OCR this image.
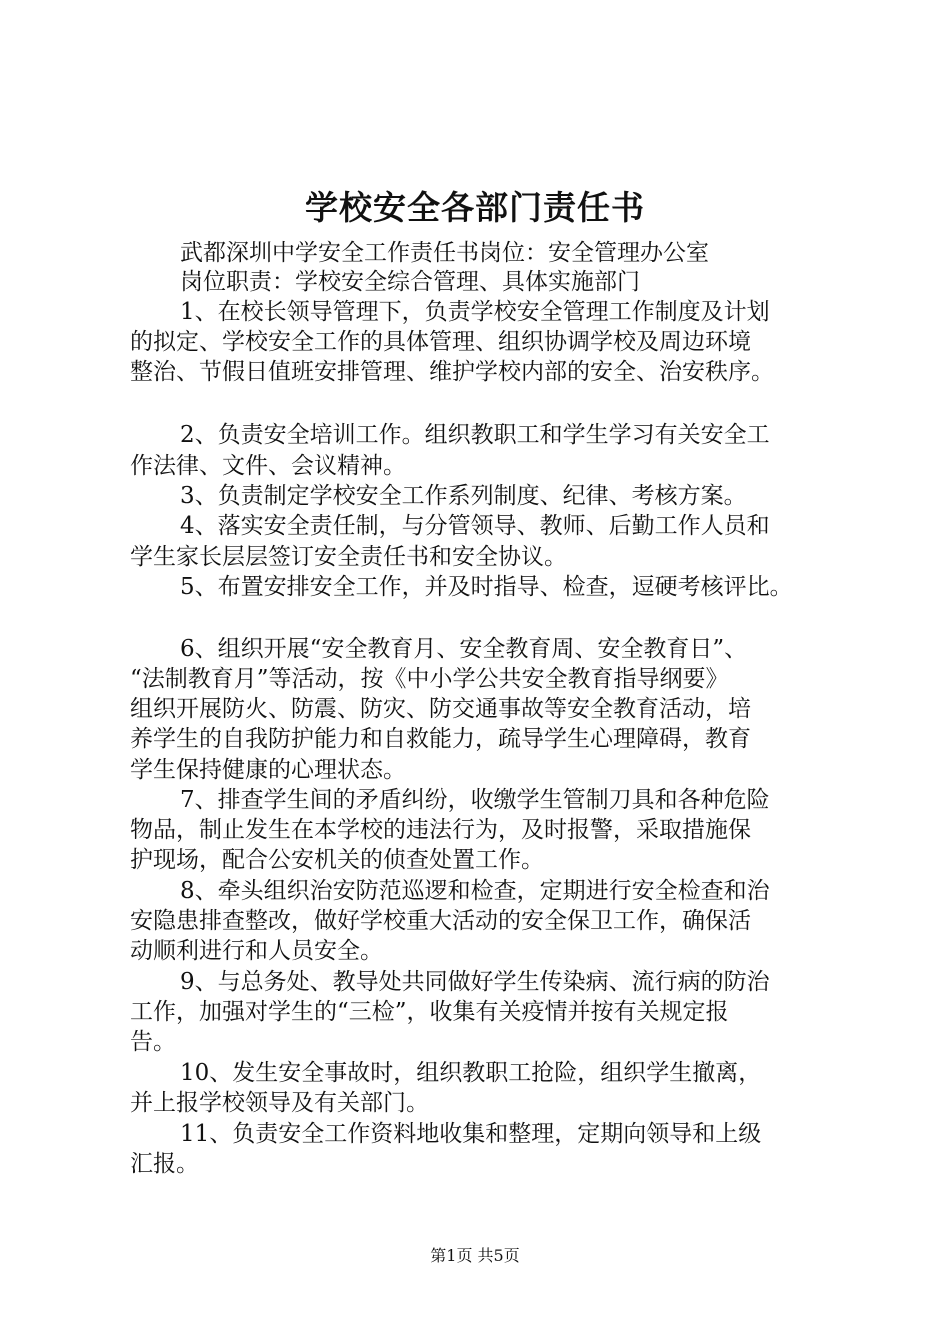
学校安全各部门责任书
武都深圳中学安全工作责任书岗位：安全管理办公室
岗位职责：学校安全综合管理、具体实施部门
1、在校长领导管理下，负责学校安全管理工作制度及计划
的拟定、学校安全工作的具体管理、组织协调学校及周边环境
整治、节假日值班安排管理、维护学校内部的安全、治安秩序。
2、负责安全培训工作。组织教职工和学生学习有关安全工
作法律、文件、会议精神。
3、负责制定学校安全工作系列制度、纪律、考核方案。
4、落实安全责任制，与分管领导、教师、后勤工作人员和
学生家长层层签订安全责任书和安全协议。
5、布置安排安全工作，并及时指导、检查，逗硬考核评比。
6、组织开展“安全教育月、安全教育周、安全教育日”、
“法制教育月”等活动，按《中小学公共安全教育指导纲要》
组织开展防火、防震、防灾、防交通事故等安全教育活动，培
养学生的自我防护能力和自救能力，疏导学生心理障碍，教育
学生保持健康的心理状态。
7、排查学生间的矛盾纠纷，收缴学生管制刀具和各种危险
物品，制止发生在本学校的违法行为，及时报警，采取措施保
护现场，配合公安机关的侦查处置工作。
8、牵头组织治安防范巡逻和检查，定期进行安全检查和治
安隐患排查整改，做好学校重大活动的安全保卫工作，确保活
动顺利进行和人员安全。
9、与总务处、教导处共同做好学生传染病、流行病的防治
工作，加强对学生的“三检”，收集有关疫情并按有关规定报
告。
10、发生安全事故时，组织教职工抢险，组织学生撤离，
并上报学校领导及有关部门。
11、负责安全工作资料地收集和整理，定期向领导和上级
汇报。
第1页 共5页
